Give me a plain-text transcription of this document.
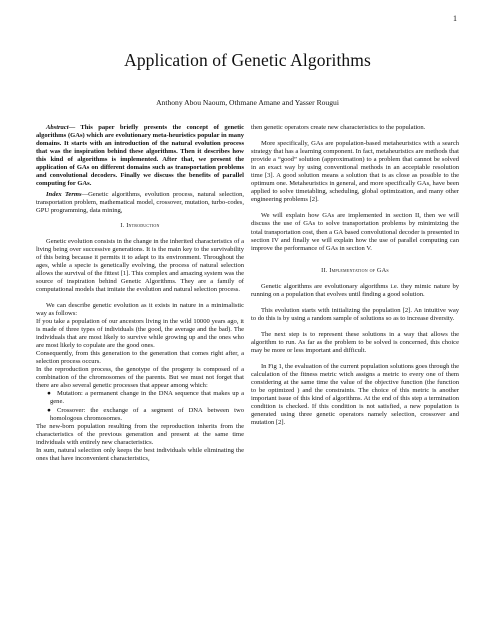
1
Application of Genetic Algorithms
Anthony Abou Naoum, Othmane Amane and Yasser Rougui

Abstract— This paper briefly presents the concept of genetic algorithms (GAs) which are evolutionary meta-heuristics popular in many domains. It starts with an introduction of the natural evolution process that was the inspiration behind these algorithms. Then it describes how this kind of algorithms is implemented. After that, we present the application of GAs on different domains such as transportation problems and convolutional decoders. Finally we discuss the benefits of parallel computing for GAs.

Index Terms—Genetic algorithms, evolution process, natural selection, transportation problem, mathematical model, crossover, mutation, turbo-codes, GPU programming, data mining,

I. Introduction

Genetic evolution consists in the change in the inherited characteristics of a living being over successive generations. It is the main key to the survivability of this being because it permits it to adapt to its environment. Throughout the ages, while a specie is genetically evolving, the process of natural selection allows the survival of the fittest [1]. This complex and amazing system was the source of inspiration behind Genetic Algorithms. They are a family of computational models that imitate the evolution and natural selection process.

We can describe genetic evolution as it exists in nature in a minimalistic way as follows:

If you take a population of our ancestors living in the wild 10000 years ago, it is made of three types of individuals (the good, the average and the bad). The individuals that are most likely to survive while growing up and the ones who are most likely to copulate are the good ones.

Consequently, from this generation to the generation that comes right after, a selection process occurs.

In the reproduction process, the genotype of the progeny is composed of a combination of the chromosomes of the parents. But we must not forget that there are also several genetic processes that appear among which:

● Mutation: a permanent change in the DNA sequence that makes up a gene.

● Crossover: the exchange of a segment of DNA between two homologous chromosomes.

The new-born population resulting from the reproduction inherits from the characteristics of the previous generation and present at the same time individuals with entirely new characteristics.

In sum, natural selection only keeps the best individuals while eliminating the ones that have inconvenient characteristics,

then genetic operators create new characteristics to the population.

More specifically, GAs are population-based metaheuristics with a search strategy that has a learning component. In fact, metaheuristics are methods that provide a “good” solution (approximation) to a problem that cannot be solved in an exact way by using conventional methods in an acceptable resolution time [3]. A good solution means a solution that is as close as possible to the optimum one. Metaheuristics in general, and more specifically GAs, have been applied to solve timetabling, scheduling, global optimization, and many other engineering problems [2].

We will explain how GAs are implemented in section II, then we will discuss the use of GAs to solve transportation problems by minimizing the total transportation cost, then a GA based convolutional decoder is presented in section IV and finally we will explain how the use of parallel computing can improve the performance of GAs in section V.

II. Implementation of GAs

Genetic algorithms are evolutionary algorithms i.e. they mimic nature by running on a population that evolves until finding a good solution.

This evolution starts with initializing the population [2]. An intuitive way to do this is by using a random sample of solutions so as to increase diversity.

The next step is to represent these solutions in a way that allows the algorithm to run. As far as the problem to be solved is concerned, this choice may be more or less important and difficult.

In Fig 1, the evaluation of the current population solutions goes through the calculation of the fitness metric witch assigns a metric to every one of them considering at the same time the value of the objective function (the function to be optimized ) and the constraints. The choice of this metric is another important issue of this kind of algorithms. At the end of this step a termination condition is checked. If this condition is not satisfied, a new population is generated using three genetic operators namely selection, crossover and mutation [2].
